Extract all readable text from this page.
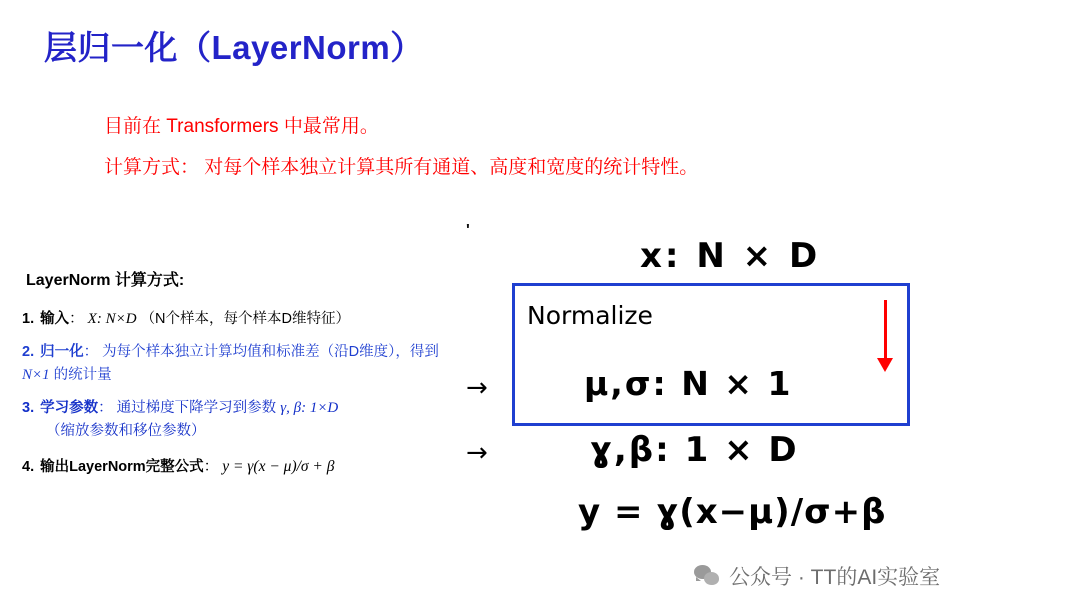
层归一化（LayerNorm）
目前在 Transformers 中最常用。
计算方式： 对每个样本独立计算其所有通道、高度和宽度的统计特性。
'
LayerNorm 计算方式:
1. 输入： X: N×D （N个样本，每个样本D维特征）
2. 归一化： 为每个样本独立计算均值和标准差（沿D维度），得到 N×1 的统计量
3. 学习参数： 通过梯度下降学习到参数 γ, β: 1×D
（缩放参数和移位参数）
4. 输出LayerNorm完整公式： y = γ(x − μ)/σ + β
→
→
x: N × D
Normalize
μ,σ: N × 1
ɣ,β: 1 × D
y = ɣ(x−μ)/σ+β
公众号 · TT的AI实验室
